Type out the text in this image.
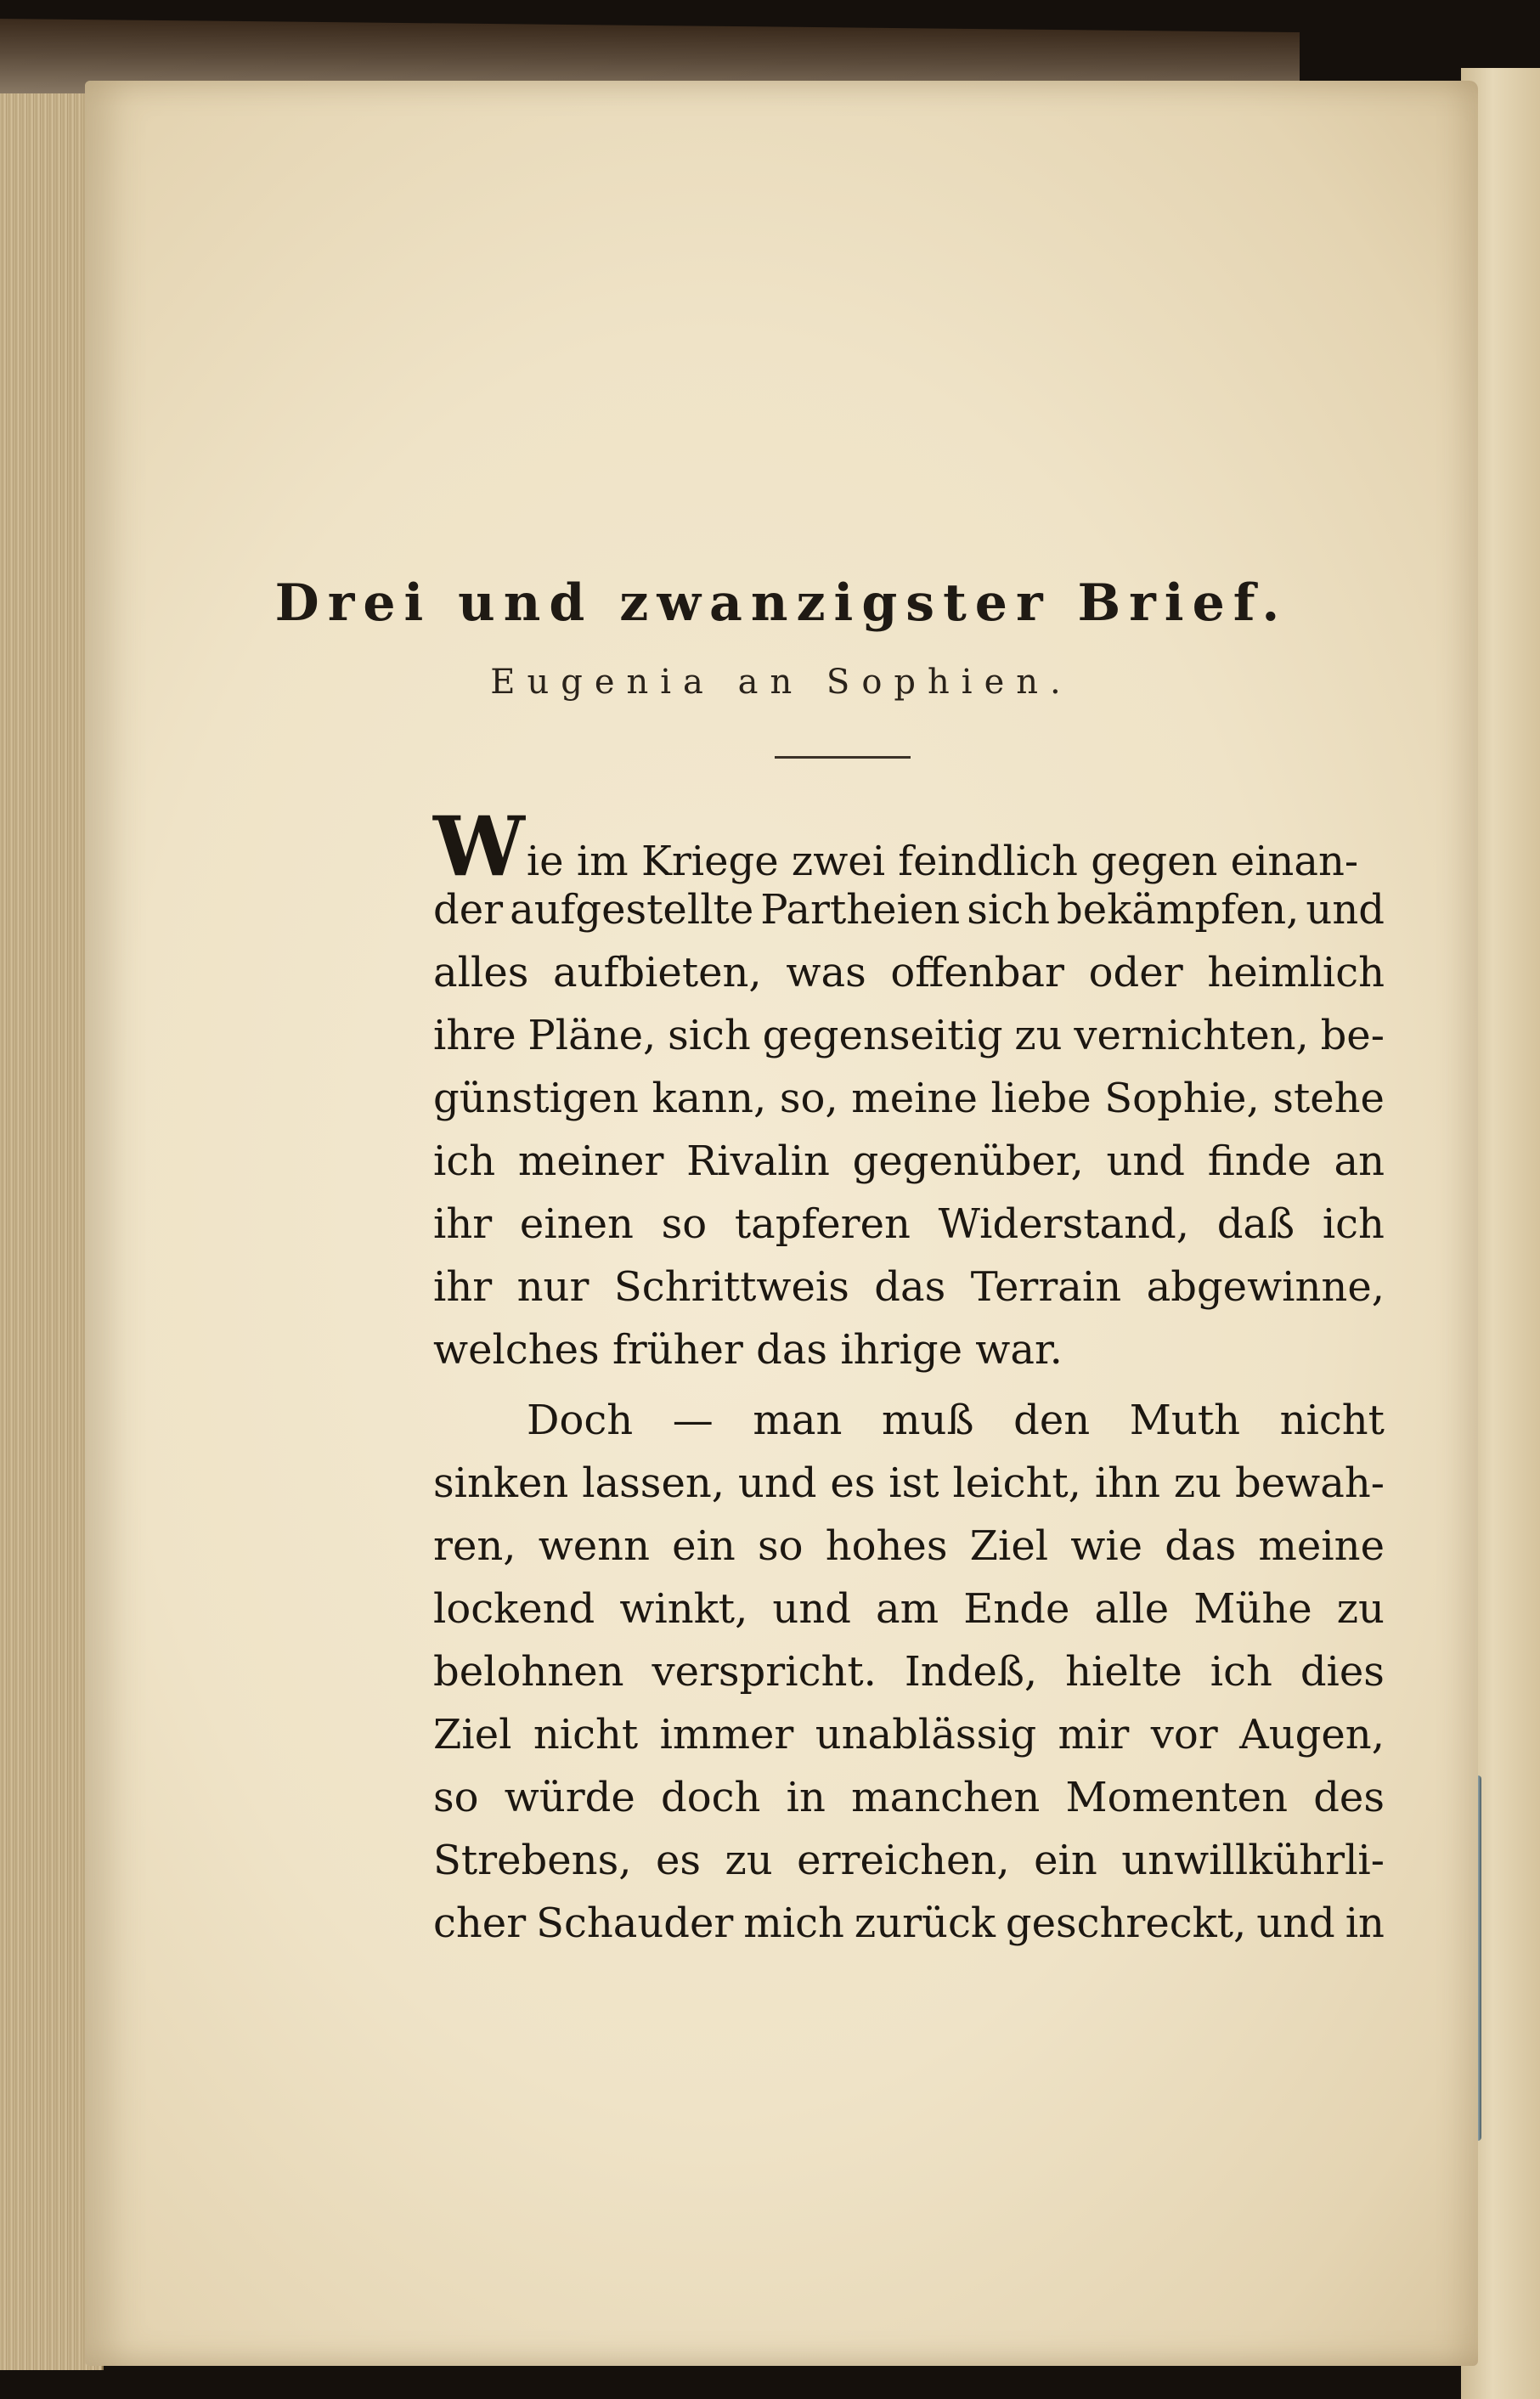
Drei und zwanzigster Brief.
Eugenia an Sophien.
Wie im Kriege zwei feindlich gegen einan-
der aufgestellte Partheien sich bekämpfen, und
alles aufbieten, was offenbar oder heimlich
ihre Pläne, sich gegenseitig zu vernichten, be-
günstigen kann, so, meine liebe Sophie, stehe
ich meiner Rivalin gegenüber, und finde an
ihr einen so tapferen Widerstand, daß ich
ihr nur Schrittweis das Terrain abgewinne,
welches früher das ihrige war.
Doch — man muß den Muth nicht
sinken lassen, und es ist leicht, ihn zu bewah-
ren, wenn ein so hohes Ziel wie das meine
lockend winkt, und am Ende alle Mühe zu
belohnen verspricht. Indeß, hielte ich dies
Ziel nicht immer unablässig mir vor Augen,
so würde doch in manchen Momenten des
Strebens, es zu erreichen, ein unwillkührli-
cher Schauder mich zurück geschreckt, und in
